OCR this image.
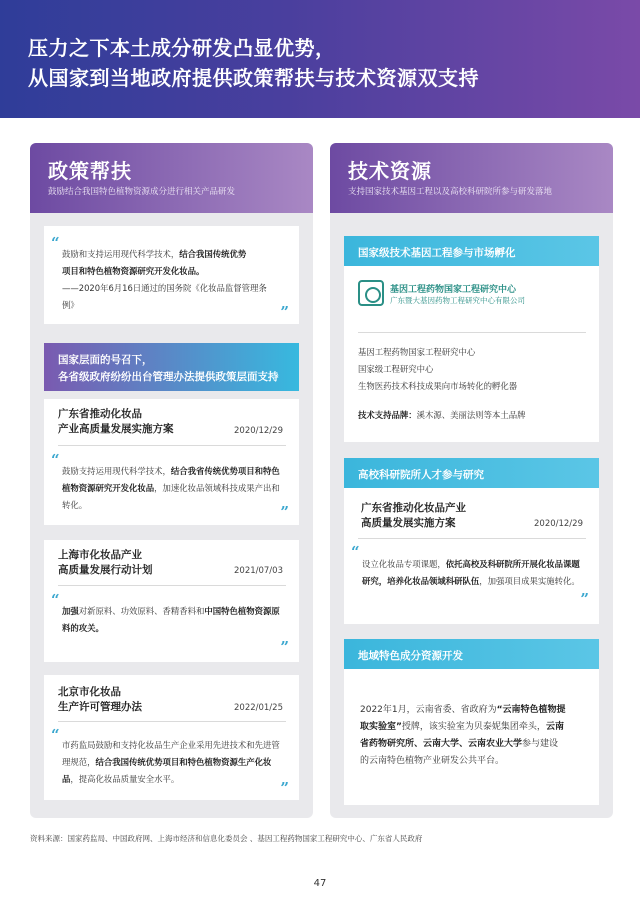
压力之下本土成分研发凸显优势，
从国家到当地政府提供政策帮扶与技术资源双支持
政策帮扶
鼓励结合我国特色植物资源成分进行相关产品研发
“
鼓励和支持运用现代科学技术，结合我国传统优势
项目和特色植物资源研究开发化妆品。
——2020年6月16日通过的国务院《化妆品监督管理条
例》	”
国家层面的号召下，
各省级政府纷纷出台管理办法提供政策层面支持
广东省推动化妆品
产业高质量发展实施方案	2020/12/29
“
鼓励支持运用现代科学技术，结合我省传统优势项目和特色
植物资源研究开发化妆品，加速化妆品领域科技成果产出和
转化。	”
上海市化妆品产业
高质量发展行动计划	2021/07/03
“
加强对新原料、功效原料、香精香料和中国特色植物资源原
料的攻关。
”
北京市化妆品
生产许可管理办法	2022/01/25
“
市药监局鼓励和支持化妆品生产企业采用先进技术和先进管
理规范，结合我国传统优势项目和特色植物资源生产化妆
品，提高化妆品质量安全水平。	”
技术资源
支持国家技术基因工程以及高校科研院所参与研发落地
国家级技术基因工程参与市场孵化
基因工程药物国家工程研究中心
广东暨大基因药物工程研究中心有限公司
基因工程药物国家工程研究中心
国家级工程研究中心
生物医药技术科技成果向市场转化的孵化器
技术支持品牌：溪木源、美丽法则等本土品牌
高校科研院所人才参与研究
广东省推动化妆品产业
高质量发展实施方案	2020/12/29
“
设立化妆品专项课题，依托高校及科研院所开展化妆品课题
研究，培养化妆品领域科研队伍，加强项目成果实施转化。
”
地域特色成分资源开发
2022年1月，云南省委、省政府为“云南特色植物提
取实验室”授牌，该实验室为贝泰妮集团牵头，云南
省药物研究所、云南大学、云南农业大学参与建设
的云南特色植物产业研发公共平台。
资料来源：国家药监局、中国政府网、上海市经济和信息化委员会 、基因工程药物国家工程研究中心、广东省人民政府
47
